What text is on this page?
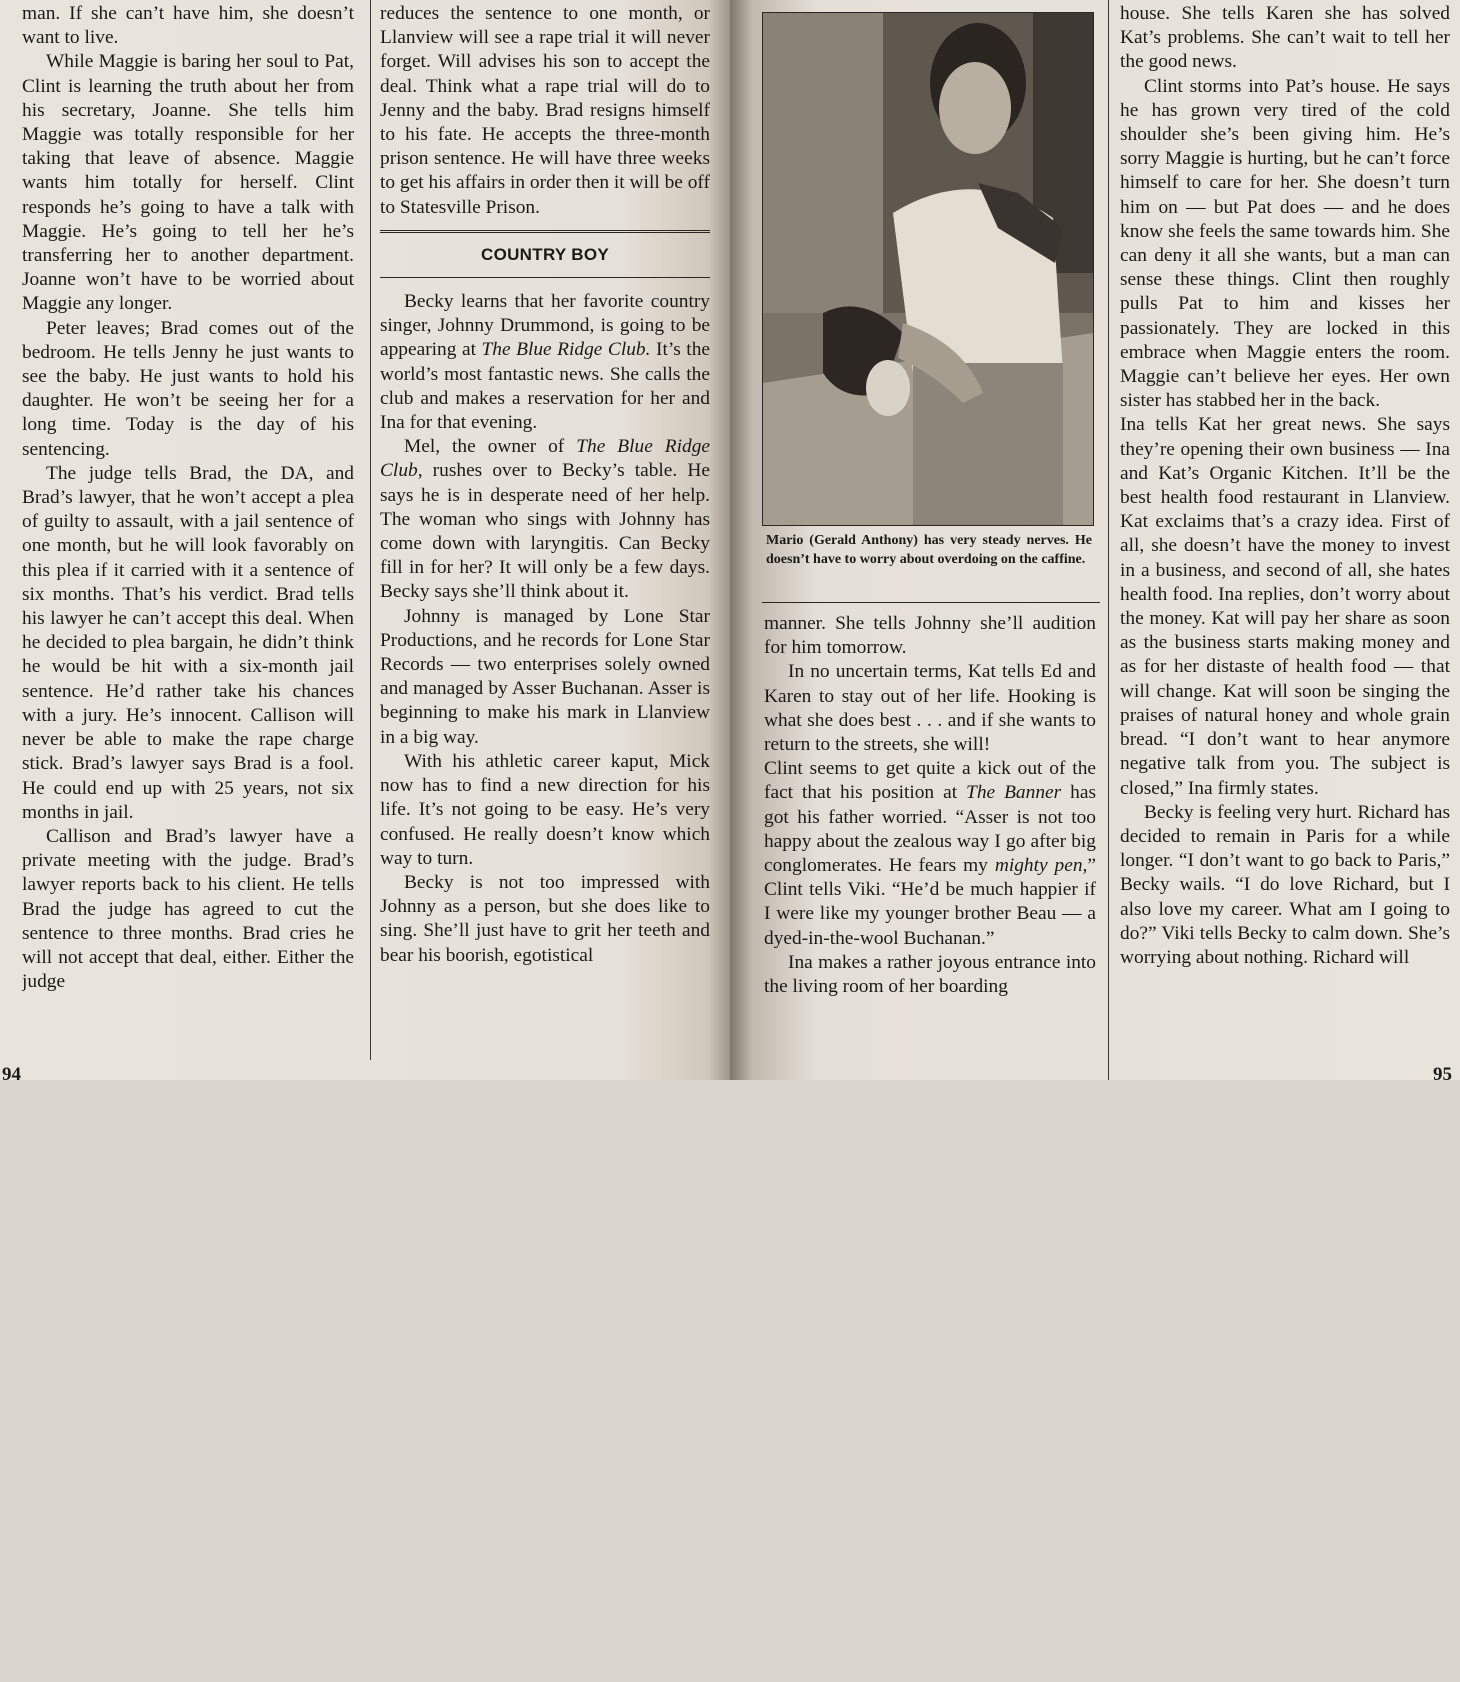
man. If she can’t have him, she doesn’t want to live.

While Maggie is baring her soul to Pat, Clint is learning the truth about her from his secretary, Joanne. She tells him Maggie was totally responsible for her taking that leave of absence. Maggie wants him totally for herself. Clint responds he’s going to have a talk with Maggie. He’s going to tell her he’s transferring her to another department. Joanne won’t have to be worried about Maggie any longer.

Peter leaves; Brad comes out of the bedroom. He tells Jenny he just wants to see the baby. He just wants to hold his daughter. He won’t be seeing her for a long time. Today is the day of his sentencing.

The judge tells Brad, the DA, and Brad’s lawyer, that he won’t accept a plea of guilty to assault, with a jail sentence of one month, but he will look favorably on this plea if it carried with it a sentence of six months. That’s his verdict. Brad tells his lawyer he can’t accept this deal. When he decided to plea bargain, he didn’t think he would be hit with a six-month jail sentence. He’d rather take his chances with a jury. He’s innocent. Callison will never be able to make the rape charge stick. Brad’s lawyer says Brad is a fool. He could end up with 25 years, not six months in jail.

Callison and Brad’s lawyer have a private meeting with the judge. Brad’s lawyer reports back to his client. He tells Brad the judge has agreed to cut the sentence to three months. Brad cries he will not accept that deal, either. Either the judge

reduces the sentence to one month, or Llanview will see a rape trial it will never forget. Will advises his son to accept the deal. Think what a rape trial will do to Jenny and the baby. Brad resigns himself to his fate. He accepts the three-month prison sentence. He will have three weeks to get his affairs in order then it will be off to Statesville Prison.

COUNTRY BOY

Becky learns that her favorite country singer, Johnny Drummond, is going to be appearing at The Blue Ridge Club. It’s the world’s most fantastic news. She calls the club and makes a reservation for her and Ina for that evening.

Mel, the owner of The Blue Ridge Club, rushes over to Becky’s table. He says he is in desperate need of her help. The woman who sings with Johnny has come down with laryngitis. Can Becky fill in for her? It will only be a few days. Becky says she’ll think about it.

Johnny is managed by Lone Star Productions, and he records for Lone Star Records — two enterprises solely owned and managed by Asser Buchanan. Asser is beginning to make his mark in Llanview in a big way.

With his athletic career kaput, Mick now has to find a new direction for his life. It’s not going to be easy. He’s very confused. He really doesn’t know which way to turn.

Becky is not too impressed with Johnny as a person, but she does like to sing. She’ll just have to grit her teeth and bear his boorish, egotistical

Mario (Gerald Anthony) has very steady nerves. He doesn’t have to worry about overdoing on the caffine.

manner. She tells Johnny she’ll audition for him tomorrow.

In no uncertain terms, Kat tells Ed and Karen to stay out of her life. Hooking is what she does best . . . and if she wants to return to the streets, she will!

Clint seems to get quite a kick out of the fact that his position at The Banner has got his father worried. “Asser is not too happy about the zealous way I go after big conglomerates. He fears my mighty pen,” Clint tells Viki. “He’d be much happier if I were like my younger brother Beau — a dyed-in-the-wool Buchanan.”

Ina makes a rather joyous entrance into the living room of her boarding

house. She tells Karen she has solved Kat’s problems. She can’t wait to tell her the good news.

Clint storms into Pat’s house. He says he has grown very tired of the cold shoulder she’s been giving him. He’s sorry Maggie is hurting, but he can’t force himself to care for her. She doesn’t turn him on — but Pat does — and he does know she feels the same towards him. She can deny it all she wants, but a man can sense these things. Clint then roughly pulls Pat to him and kisses her passionately. They are locked in this embrace when Maggie enters the room. Maggie can’t believe her eyes. Her own sister has stabbed her in the back.

Ina tells Kat her great news. She says they’re opening their own business — Ina and Kat’s Organic Kitchen. It’ll be the best health food restaurant in Llanview. Kat exclaims that’s a crazy idea. First of all, she doesn’t have the money to invest in a business, and second of all, she hates health food. Ina replies, don’t worry about the money. Kat will pay her share as soon as the business starts making money and as for her distaste of health food — that will change. Kat will soon be singing the praises of natural honey and whole grain bread. “I don’t want to hear anymore negative talk from you. The subject is closed,” Ina firmly states.

Becky is feeling very hurt. Richard has decided to remain in Paris for a while longer. “I don’t want to go back to Paris,” Becky wails. “I do love Richard, but I also love my career. What am I going to do?” Viki tells Becky to calm down. She’s worrying about nothing. Richard will

94	95
